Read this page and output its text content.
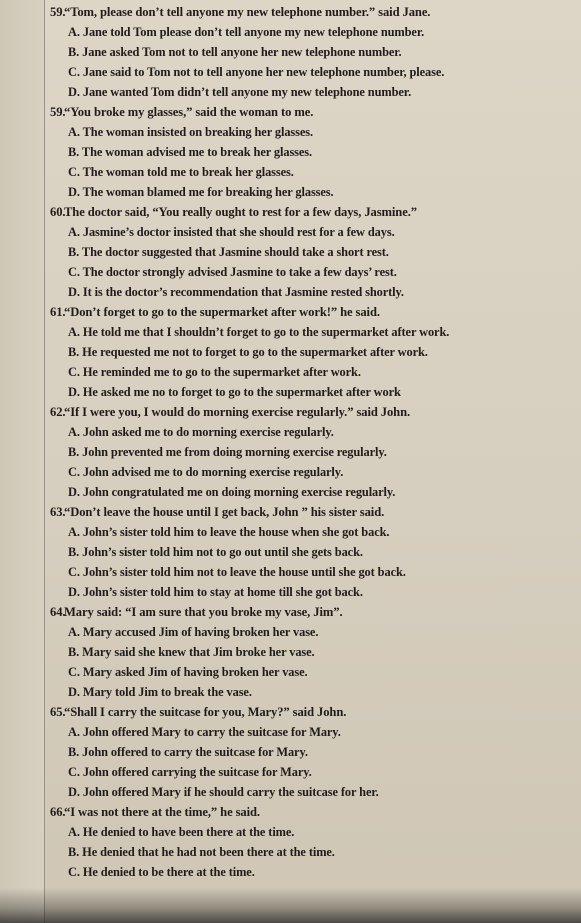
59.“Tom, please don’t tell anyone my new telephone number.” said Jane.
A. Jane told Tom please don’t tell anyone my new telephone number.
B. Jane asked Tom not to tell anyone her new telephone number.
C. Jane said to Tom not to tell anyone her new telephone number, please.
D. Jane wanted Tom didn’t tell anyone my new telephone number.
59.“You broke my glasses,” said the woman to me.
A. The woman insisted on breaking her glasses.
B. The woman advised me to break her glasses.
C. The woman told me to break her glasses.
D. The woman blamed me for breaking her glasses.
60.The doctor said, “You really ought to rest for a few days, Jasmine.”
A. Jasmine’s doctor insisted that she should rest for a few days.
B. The doctor suggested that Jasmine should take a short rest.
C. The doctor strongly advised Jasmine to take a few days’ rest.
D. It is the doctor’s recommendation that Jasmine rested shortly.
61.“Don’t forget to go to the supermarket after work!” he said.
A. He told me that I shouldn’t forget to go to the supermarket after work.
B. He requested me not to forget to go to the supermarket after work.
C. He reminded me to go to the supermarket after work.
D. He asked me no to forget to go to the supermarket after work
62.“If I were you, I would do morning exercise regularly.” said John.
A. John asked me to do morning exercise regularly.
B. John prevented me from doing morning exercise regularly.
C. John advised me to do morning exercise regularly.
D. John congratulated me on doing morning exercise regularly.
63.“Don’t leave the house until I get back, John ” his sister said.
A. John’s sister told him to leave the house when she got back.
B. John’s sister told him not to go out until she gets back.
C. John’s sister told him not to leave the house until she got back.
D. John’s sister told him to stay at home till she got back.
64.Mary said: “I am sure that you broke my vase, Jim”.
A. Mary accused Jim of having broken her vase.
B. Mary said she knew that Jim broke her vase.
C. Mary asked Jim of having broken her vase.
D. Mary told Jim to break the vase.
65.“Shall I carry the suitcase for you, Mary?” said John.
A. John offered Mary to carry the suitcase for Mary.
B. John offered to carry the suitcase for Mary.
C. John offered carrying the suitcase for Mary.
D. John offered Mary if he should carry the suitcase for her.
66.“I was not there at the time,” he said.
A. He denied to have been there at the time.
B. He denied that he had not been there at the time.
C. He denied to be there at the time.
